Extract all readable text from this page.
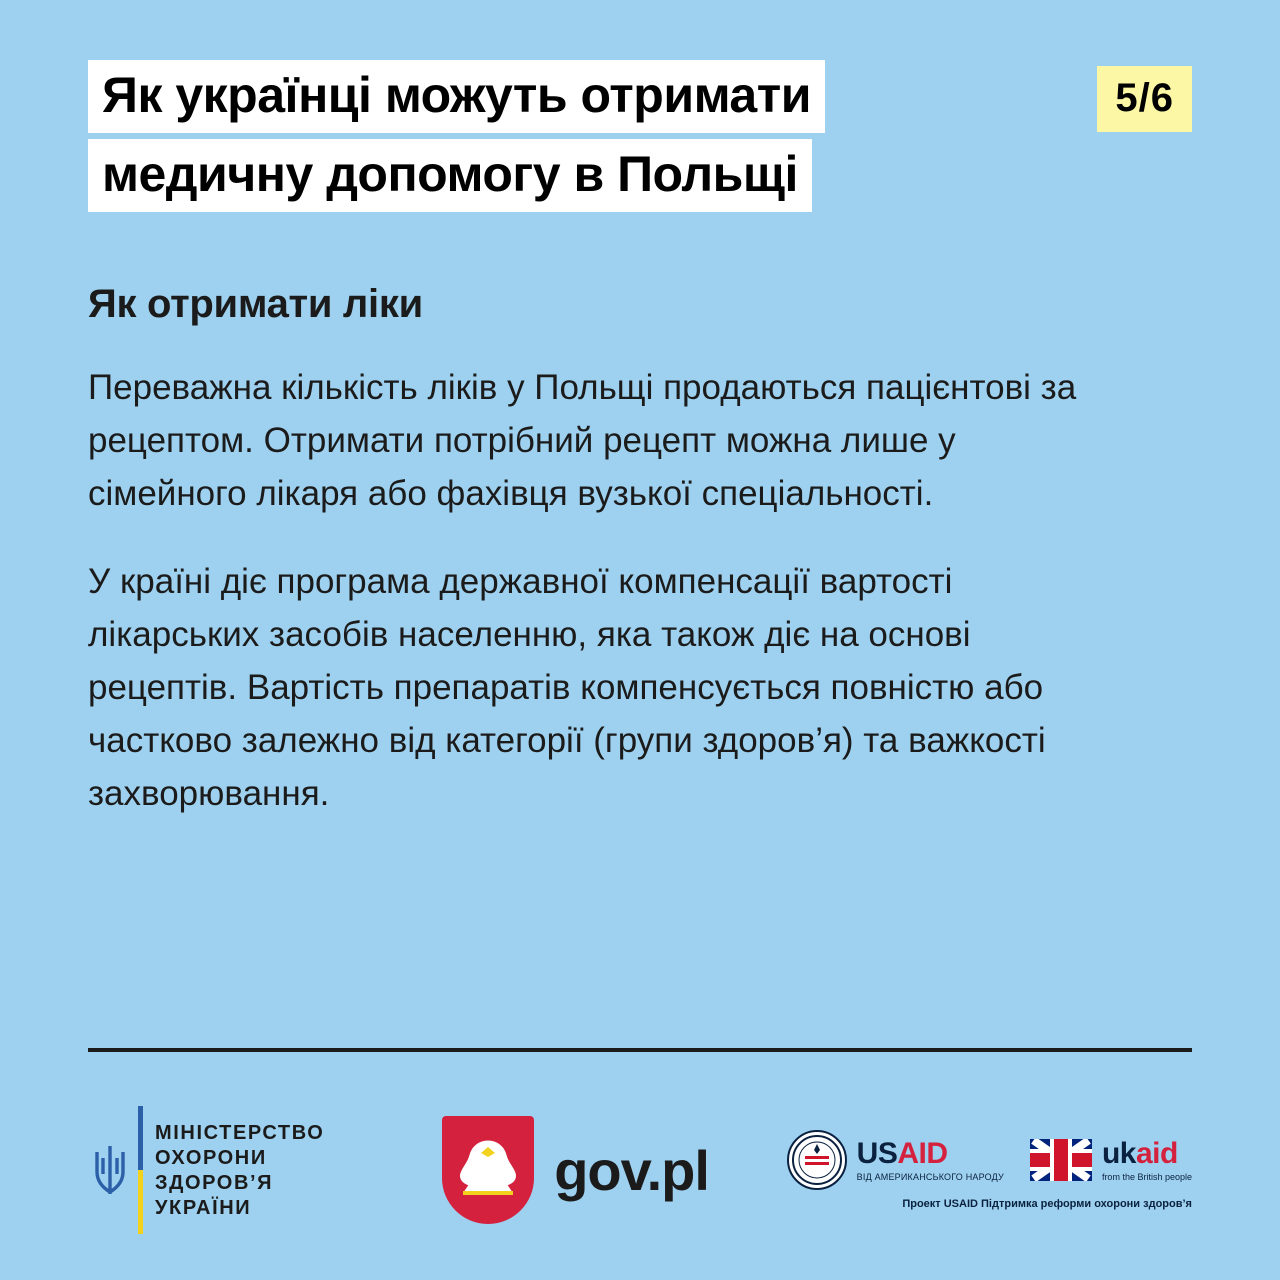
Як українці можуть отримати
медичну допомогу в Польщі
5/6
Як отримати ліки

Переважна кількість ліків у Польщі продаються пацієнтові за рецептом. Отримати потрібний рецепт можна лише у сімейного лікаря або фахівця вузької спеціальності.

У країні діє програма державної компенсації вартості лікарських засобів населенню, яка також діє на основі рецептів. Вартість препаратів компенсується повністю або частково залежно від категорії (групи здоров’я) та важкості захворювання.

МІНІСТЕРСТВО
ОХОРОНИ
ЗДОРОВ’Я
УКРАЇНИ
gov.pl	USAID
ВІД АМЕРИКАНСЬКОГО НАРОДУ
ukaid
from the British people
Проект USAID Підтримка реформи охорони здоров’я
